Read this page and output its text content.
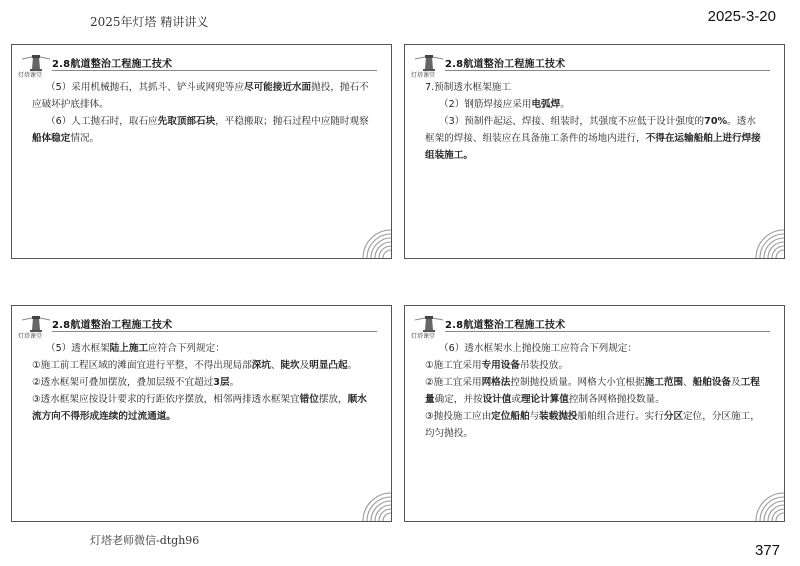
2025年灯塔 精讲讲义	2025-3-20
灯塔课堂
2.8航道整治工程施工技术

（5）采用机械抛石，其抓斗、铲斗或网兜等应尽可能接近水面抛投，抛石不应破坏护底排体。

（6）人工抛石时，取石应先取顶部石块，平稳搬取；抛石过程中应随时观察船体稳定情况。

灯塔课堂
2.8航道整治工程施工技术

7.预制透水框架施工

（2）钢筋焊接应采用电弧焊。

（3）预制件起运、焊接、组装时，其强度不应低于设计强度的70%。透水框架的焊接、组装应在具备施工条件的场地内进行，不得在运输船舶上进行焊接组装施工。

灯塔课堂
2.8航道整治工程施工技术

（5）透水框架陆上施工应符合下列规定：

①施工前工程区域的滩面宜进行平整，不得出现局部深坑、陡坎及明显凸起。

②透水框架可叠加摆放，叠加层级不宜超过3层。

③透水框架应按设计要求的行距依序摆放，相邻两排透水框架宜错位摆放，顺水流方向不得形成连续的过流通道。

灯塔课堂
2.8航道整治工程施工技术

（6）透水框架水上抛投施工应符合下列规定：

①施工宜采用专用设备吊装投放。

②施工宜采用网格法控制抛投质量。网格大小宜根据施工范围、船舶设备及工程量确定，并按设计值或理论计算值控制各网格抛投数量。

③抛投施工应由定位船舶与装载抛投船舶组合进行。实行分区定位，分区施工，均匀抛投。

灯塔老师微信-dtgh96
377
